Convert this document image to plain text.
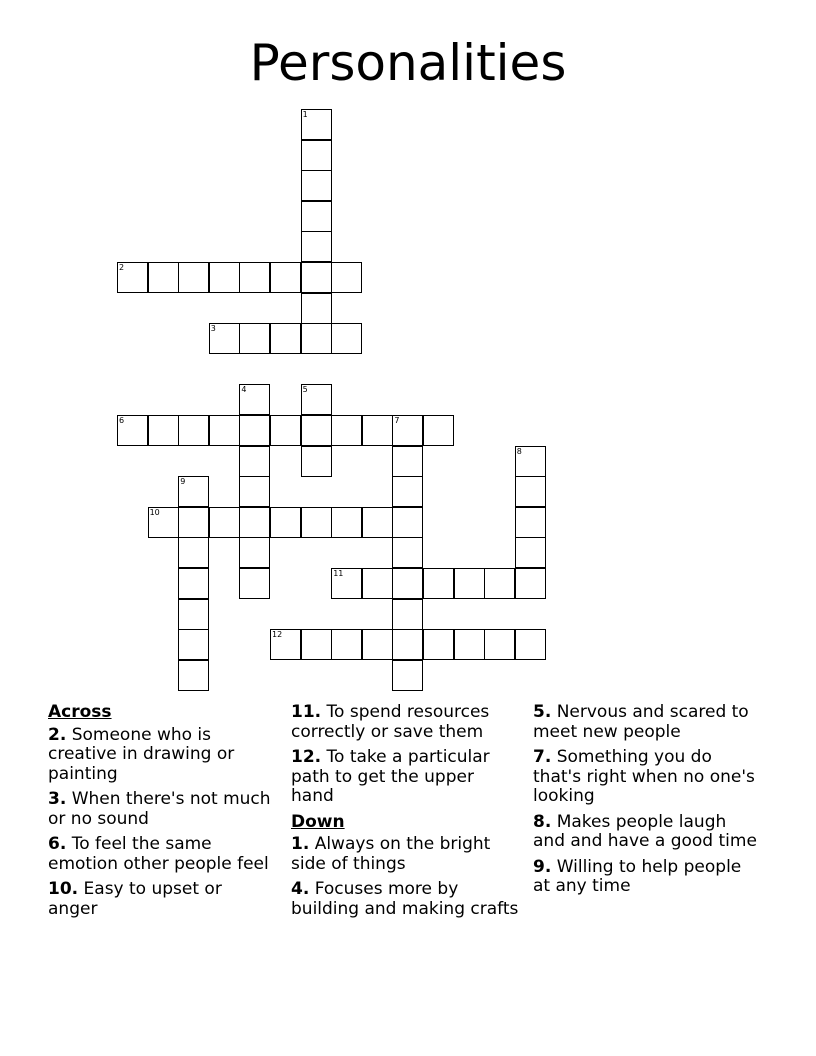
Personalities
1
2
3
4	5
6	7
8
9
10
11
12
Across
2. Someone who is creative in drawing or painting
3. When there's not much or no sound
6. To feel the same emotion other people feel
10. Easy to upset or anger
11. To spend resources correctly or save them
12. To take a particular path to get the upper hand
Down
1. Always on the bright side of things
4. Focuses more by building and making crafts
5. Nervous and scared to meet new people
7. Something you do that's right when no one's looking
8. Makes people laugh and and have a good time
9. Willing to help people at any time
